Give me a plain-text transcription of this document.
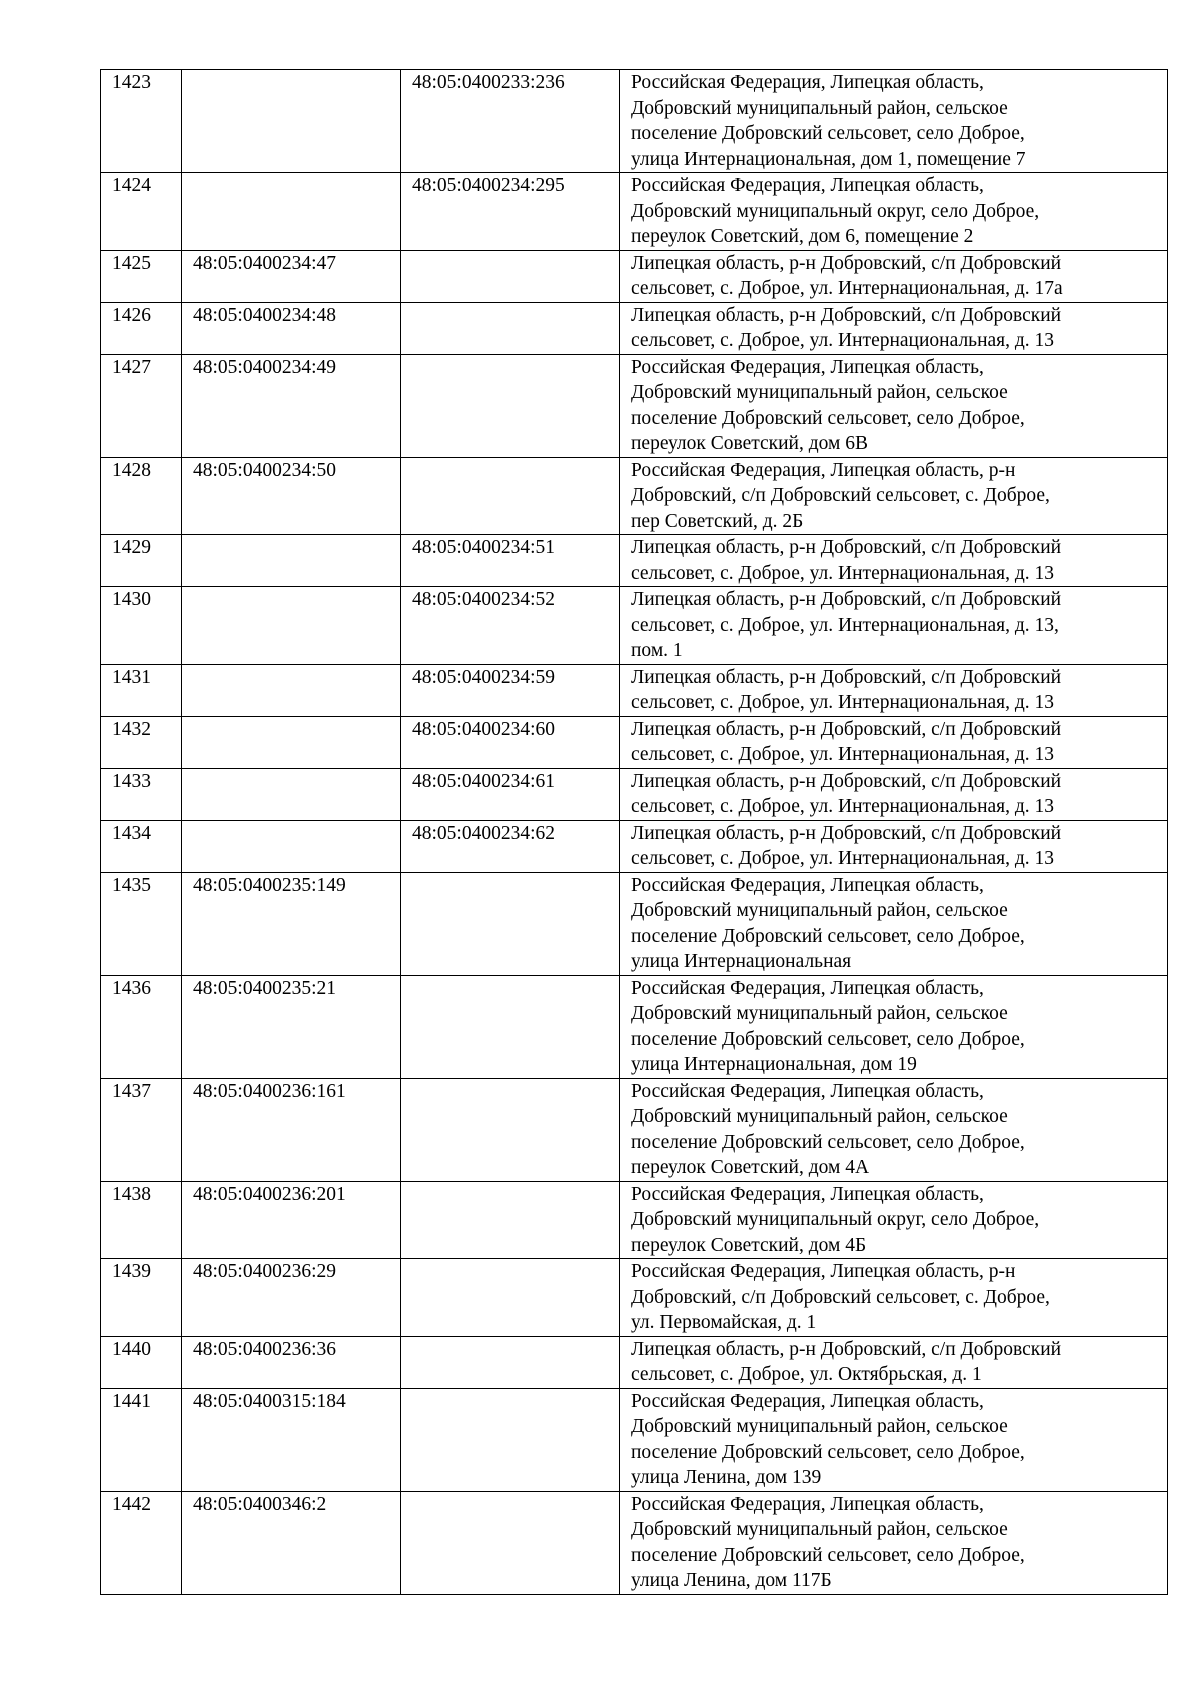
1423		48:05:0400233:236	Российская Федерация, Липецкая область,
Добровский муниципальный район, сельское
поселение Добровский сельсовет, село Доброе,
улица Интернациональная, дом 1, помещение 7

1424		48:05:0400234:295	Российская Федерация, Липецкая область,
Добровский муниципальный округ, село Доброе,
переулок Советский, дом 6, помещение 2

1425	48:05:0400234:47		Липецкая область, р-н Добровский, с/п Добровский
сельсовет, с. Доброе, ул. Интернациональная, д. 17а

1426	48:05:0400234:48		Липецкая область, р-н Добровский, с/п Добровский
сельсовет, с. Доброе, ул. Интернациональная, д. 13

1427	48:05:0400234:49		Российская Федерация, Липецкая область,
Добровский муниципальный район, сельское
поселение Добровский сельсовет, село Доброе,
переулок Советский, дом 6В

1428	48:05:0400234:50		Российская Федерация, Липецкая область, р-н
Добровский, с/п Добровский сельсовет, с. Доброе,
пер Советский, д. 2Б

1429		48:05:0400234:51	Липецкая область, р-н Добровский, с/п Добровский
сельсовет, с. Доброе, ул. Интернациональная, д. 13

1430		48:05:0400234:52	Липецкая область, р-н Добровский, с/п Добровский
сельсовет, с. Доброе, ул. Интернациональная, д. 13,
пом. 1

1431		48:05:0400234:59	Липецкая область, р-н Добровский, с/п Добровский
сельсовет, с. Доброе, ул. Интернациональная, д. 13

1432		48:05:0400234:60	Липецкая область, р-н Добровский, с/п Добровский
сельсовет, с. Доброе, ул. Интернациональная, д. 13

1433		48:05:0400234:61	Липецкая область, р-н Добровский, с/п Добровский
сельсовет, с. Доброе, ул. Интернациональная, д. 13

1434		48:05:0400234:62	Липецкая область, р-н Добровский, с/п Добровский
сельсовет, с. Доброе, ул. Интернациональная, д. 13

1435	48:05:0400235:149		Российская Федерация, Липецкая область,
Добровский муниципальный район, сельское
поселение Добровский сельсовет, село Доброе,
улица Интернациональная

1436	48:05:0400235:21		Российская Федерация, Липецкая область,
Добровский муниципальный район, сельское
поселение Добровский сельсовет, село Доброе,
улица Интернациональная, дом 19

1437	48:05:0400236:161		Российская Федерация, Липецкая область,
Добровский муниципальный район, сельское
поселение Добровский сельсовет, село Доброе,
переулок Советский, дом 4А

1438	48:05:0400236:201		Российская Федерация, Липецкая область,
Добровский муниципальный округ, село Доброе,
переулок Советский, дом 4Б

1439	48:05:0400236:29		Российская Федерация, Липецкая область, р-н
Добровский, с/п Добровский сельсовет, с. Доброе,
ул. Первомайская, д. 1

1440	48:05:0400236:36		Липецкая область, р-н Добровский, с/п Добровский
сельсовет, с. Доброе, ул. Октябрьская, д. 1

1441	48:05:0400315:184		Российская Федерация, Липецкая область,
Добровский муниципальный район, сельское
поселение Добровский сельсовет, село Доброе,
улица Ленина, дом 139

1442	48:05:0400346:2		Российская Федерация, Липецкая область,
Добровский муниципальный район, сельское
поселение Добровский сельсовет, село Доброе,
улица Ленина, дом 117Б
